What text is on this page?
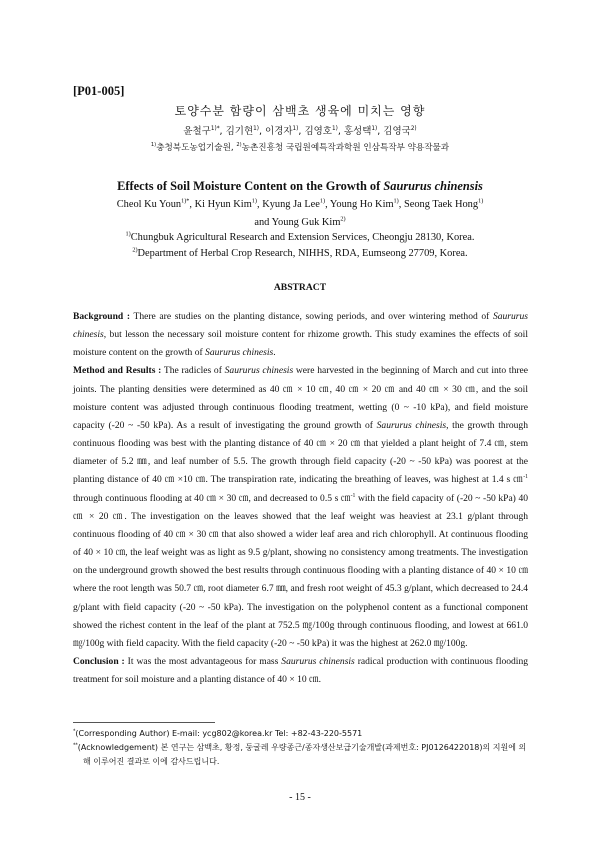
[P01-005]
토양수분 함량이 삼백초 생육에 미치는 영향
윤철구$^{1)*}$, 김기현$^{1)}$, 이경자$^{1)}$, 김영호$^{1)}$, 홍성택$^{1)}$, 김영국$^{2)}$
$^{1)}$충청북도농업기술원, $^{2)}$농촌진흥청 국립원예특작과학원 인삼특작부 약용작물과
Effects of Soil Moisture Content on the Growth of Saururus chinensis
Cheol Ku Youn$^{1)*}$, Ki Hyun Kim$^{1)}$, Kyung Ja Lee$^{1)}$, Young Ho Kim$^{1)}$, Seong Taek Hong$^{1)}$
and Young Guk Kim$^{2)}$
$^{1)}$Chungbuk Agricultural Research and Extension Services, Cheongju 28130, Korea.
$^{2)}$Department of Herbal Crop Research, NIHHS, RDA, Eumseong 27709, Korea.
ABSTRACT

Background : There are studies on the planting distance, sowing periods, and over wintering method of Saururus chinesis, but lesson the necessary soil moisture content for rhizome growth. This study examines the effects of soil moisture content on the growth of Saururus chinesis.

Method and Results : The radicles of Saururus chinesis were harvested in the beginning of March and cut into three joints. The planting densities were determined as 40 ㎝ × 10 ㎝, 40 ㎝ × 20 ㎝ and 40 ㎝ × 30 ㎝, and the soil moisture content was adjusted through continuous flooding treatment, wetting (0 ~ -10 kPa), and field moisture capacity (-20 ~ -50 kPa). As a result of investigating the ground growth of Saururus chinesis, the growth through continuous flooding was best with the planting distance of 40 ㎝ × 20 ㎝ that yielded a plant height of 7.4 ㎝, stem diameter of 5.2 ㎜, and leaf number of 5.5. The growth through field capacity (-20 ~ -50 kPa) was poorest at the planting distance of 40 ㎝ ×10 ㎝. The transpiration rate, indicating the breathing of leaves, was highest at 1.4 s ㎝$^{-1}$ through continuous flooding at 40 ㎝ × 30 ㎝, and decreased to 0.5 s ㎝$^{-1}$ with the field capacity of (-20 ~ -50 kPa) 40 ㎝ × 20 ㎝. The investigation on the leaves showed that the leaf weight was heaviest at 23.1 g/plant through continuous flooding of 40 ㎝ × 30 ㎝ that also showed a wider leaf area and rich chlorophyll. At continuous flooding of 40 × 10 ㎝, the leaf weight was as light as 9.5 g/plant, showing no consistency among treatments. The investigation on the underground growth showed the best results through continuous flooding with a planting distance of 40 × 10 ㎝ where the root length was 50.7 ㎝, root diameter 6.7 ㎜, and fresh root weight of 45.3 g/plant, which decreased to 24.4 g/plant with field capacity (-20 ~ -50 kPa). The investigation on the polyphenol content as a functional component showed the richest content in the leaf of the plant at 752.5 ㎎/100g through continuous flooding, and lowest at 661.0 ㎎/100g with field capacity. With the field capacity (-20 ~ -50 kPa) it was the highest at 262.0 ㎎/100g.

Conclusion : It was the most advantageous for mass Saururus chinensis radical production with continuous flooding treatment for soil moisture and a planting distance of 40 × 10 ㎝.

*(Corresponding Author) E-mail: ycg802@korea.kr Tel: +82-43-220-5571

**(Acknowledgement) 본 연구는 삼백초, 황정, 둥굴레 우량종근/종자생산보급기술개발(과제번호: PJ0126422018)의 지원에 의해 이루어진 결과로 이에 감사드립니다.

- 15 -
